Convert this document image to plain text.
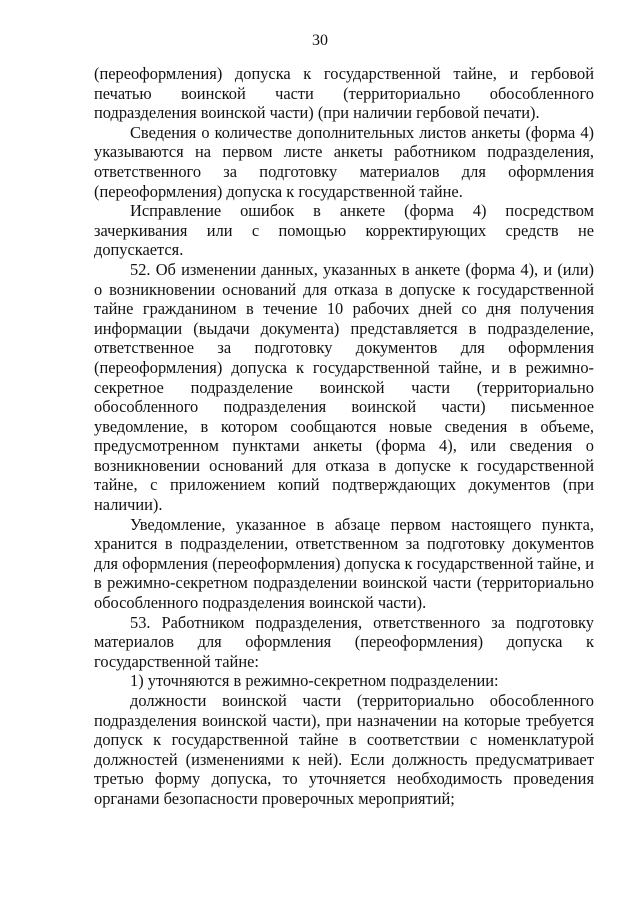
30

(переоформления) допуска к государственной тайне, и гербовой печатью воинской части (территориально обособленного подразделения воинской части) (при наличии гербовой печати).

Сведения о количестве дополнительных листов анкеты (форма 4) указываются на первом листе анкеты работником подразделения, ответственного за подготовку материалов для оформления (переоформления) допуска к государственной тайне.

Исправление ошибок в анкете (форма 4) посредством зачеркивания или с помощью корректирующих средств не допускается.

52. Об изменении данных, указанных в анкете (форма 4), и (или) о возникновении оснований для отказа в допуске к государственной тайне гражданином в течение 10 рабочих дней со дня получения информации (выдачи документа) представляется в подразделение, ответственное за подготовку документов для оформления (переоформления) допуска к государственной тайне, и в режимно-секретное подразделение воинской части (территориально обособленного подразделения воинской части) письменное уведомление, в котором сообщаются новые сведения в объеме, предусмотренном пунктами анкеты (форма 4), или сведения о возникновении оснований для отказа в допуске к государственной тайне, с приложением копий подтверждающих документов (при наличии).

Уведомление, указанное в абзаце первом настоящего пункта, хранится в подразделении, ответственном за подготовку документов для оформления (переоформления) допуска к государственной тайне, и в режимно-секретном подразделении воинской части (территориально обособленного подразделения воинской части).

53. Работником подразделения, ответственного за подготовку материалов для оформления (переоформления) допуска к государственной тайне:

1) уточняются в режимно-секретном подразделении:

должности воинской части (территориально обособленного подразделения воинской части), при назначении на которые требуется допуск к государственной тайне в соответствии с номенклатурой должностей (изменениями к ней). Если должность предусматривает третью форму допуска, то уточняется необходимость проведения органами безопасности проверочных мероприятий;
